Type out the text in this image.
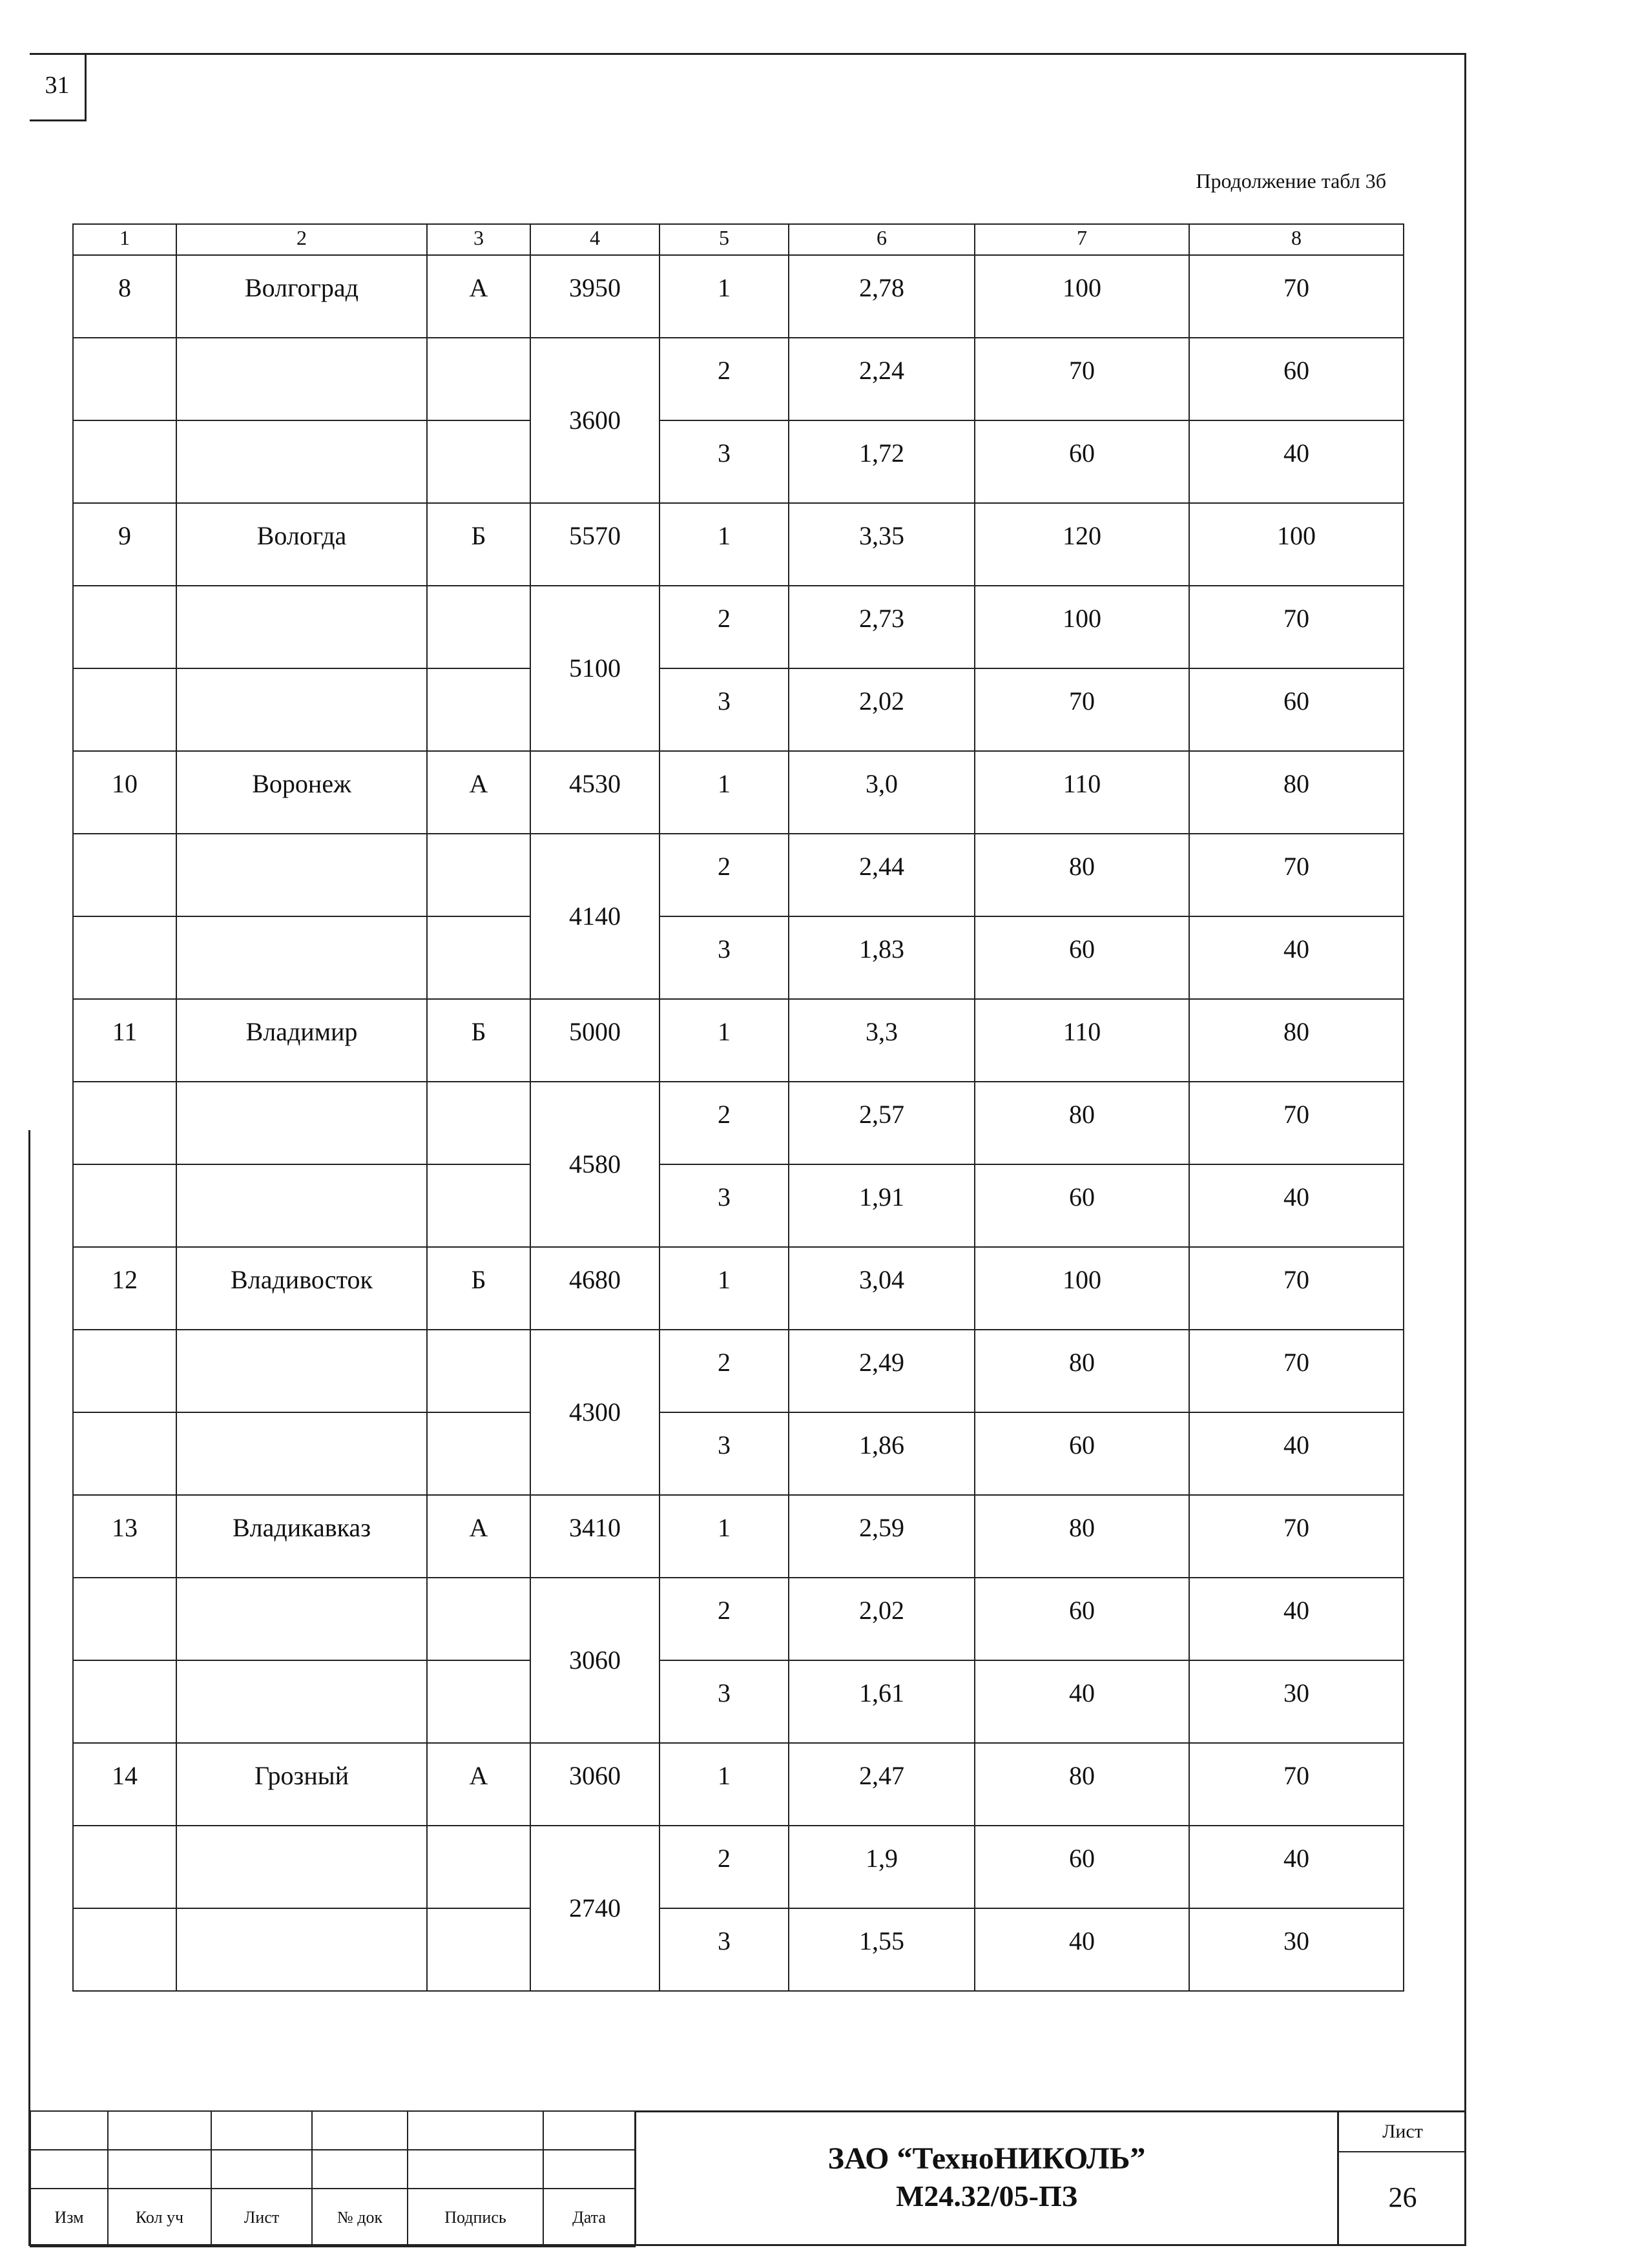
31
Продолжение табл 3б
1	2	3	4	5	6	7	8
8	Волгоград	А	3950	1	2,78	100	70
			3600	2	2,24	70	60
				3	1,72	60	40
9	Вологда	Б	5570	1	3,35	120	100
			5100	2	2,73	100	70
				3	2,02	70	60
10	Воронеж	А	4530	1	3,0	110	80
			4140	2	2,44	80	70
				3	1,83	60	40
11	Владимир	Б	5000	1	3,3	110	80
			4580	2	2,57	80	70
				3	1,91	60	40
12	Владивосток	Б	4680	1	3,04	100	70
			4300	2	2,49	80	70
				3	1,86	60	40
13	Владикавказ	А	3410	1	2,59	80	70
			3060	2	2,02	60	40
				3	1,61	40	30
14	Грозный	А	3060	1	2,47	80	70
			2740	2	1,9	60	40
				3	1,55	40	30

Изм	Кол уч	Лист	№ док	Подпись	Дата
ЗАО “ТехноНИКОЛЬ”
М24.32/05-ПЗ
Лист
26
